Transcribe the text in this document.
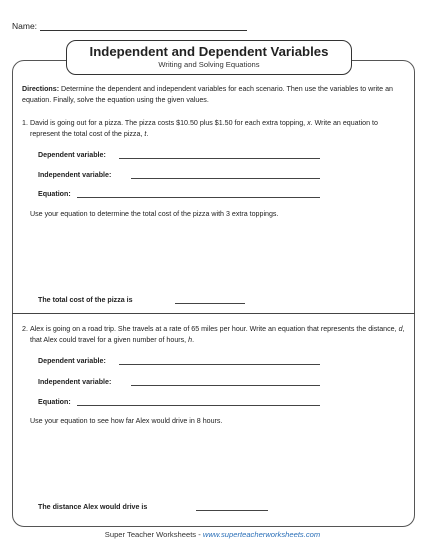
Name:
Independent and Dependent Variables
Writing and Solving Equations
Directions: Determine the dependent and independent variables for each scenario. Then use the variables to write an equation. Finally, solve the equation using the given values.
1. David is going out for a pizza. The pizza costs $10.50 plus $1.50 for each extra topping, x. Write an equation to represent the total cost of the pizza, t.
Dependent variable:
Independent variable:
Equation:
Use your equation to determine the total cost of the pizza with 3 extra toppings.
The total cost of the pizza is
2. Alex is going on a road trip. She travels at a rate of 65 miles per hour. Write an equation that represents the distance, d, that Alex could travel for a given number of hours, h.
Dependent variable:
Independent variable:
Equation:
Use your equation to see how far Alex would drive in 8 hours.
The distance Alex would drive is
Super Teacher Worksheets - www.superteacherworksheets.com
